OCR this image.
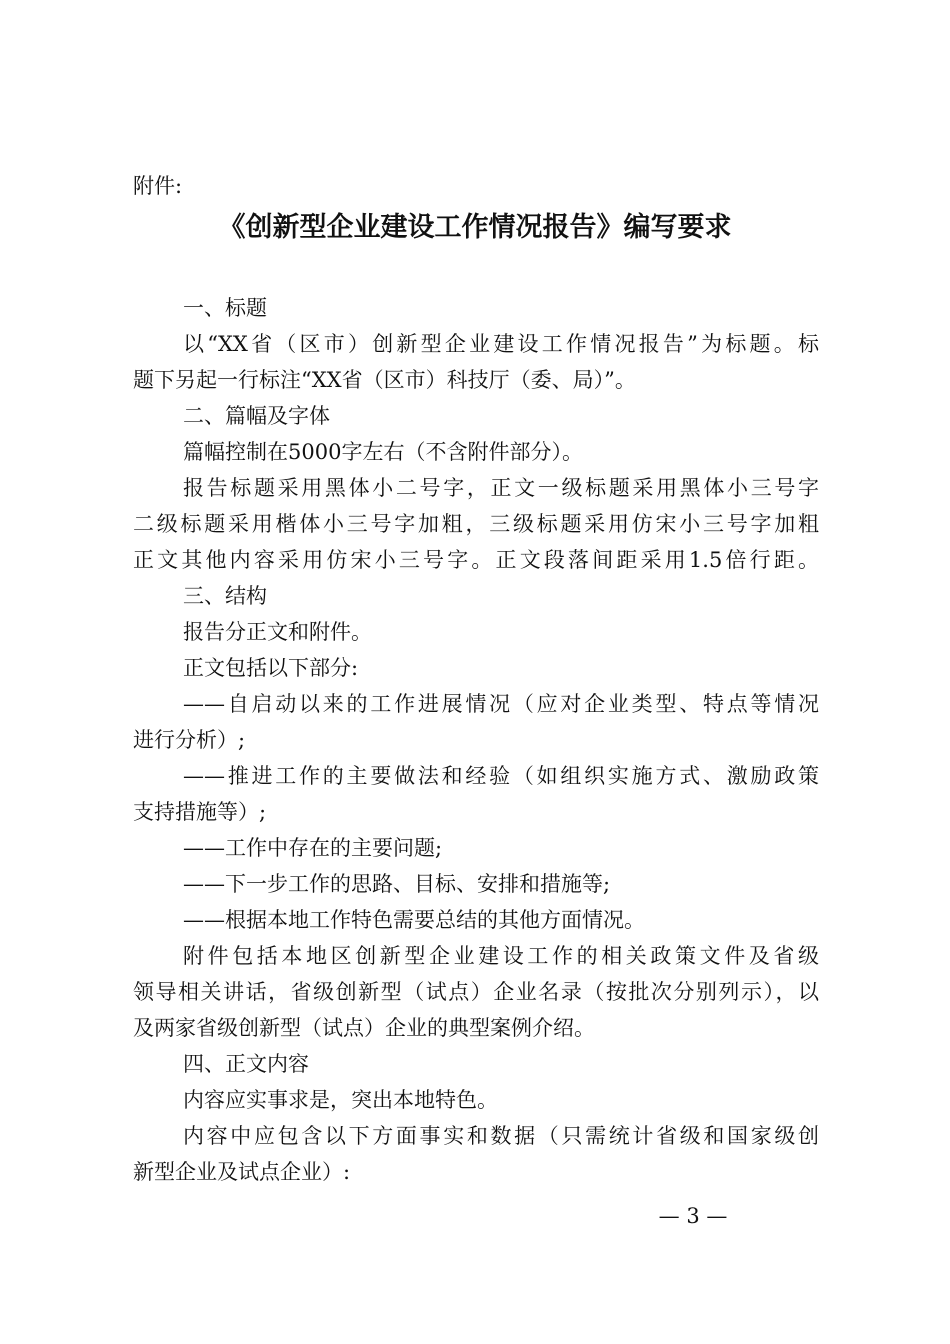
附件:

《创新型企业建设工作情况报告》编写要求

一、标题

以“XX省（区市）创新型企业建设工作情况报告”为标题。标

题下另起一行标注“XX省（区市）科技厅（委、局）”。

二、篇幅及字体

篇幅控制在5000字左右（不含附件部分）。

报告标题采用黑体小二号字，正文一级标题采用黑体小三号字

二级标题采用楷体小三号字加粗，三级标题采用仿宋小三号字加粗

正文其他内容采用仿宋小三号字。正文段落间距采用1.5倍行距。

三、结构

报告分正文和附件。

正文包括以下部分:

——自启动以来的工作进展情况（应对企业类型、特点等情况

进行分析）;

——推进工作的主要做法和经验（如组织实施方式、激励政策

支持措施等）;

——工作中存在的主要问题;

——下一步工作的思路、目标、安排和措施等;

——根据本地工作特色需要总结的其他方面情况。

附件包括本地区创新型企业建设工作的相关政策文件及省级

领导相关讲话，省级创新型（试点）企业名录（按批次分别列示），以

及两家省级创新型（试点）企业的典型案例介绍。

四、正文内容

内容应实事求是，突出本地特色。

内容中应包含以下方面事实和数据（只需统计省级和国家级创

新型企业及试点企业）:

— 3 —
